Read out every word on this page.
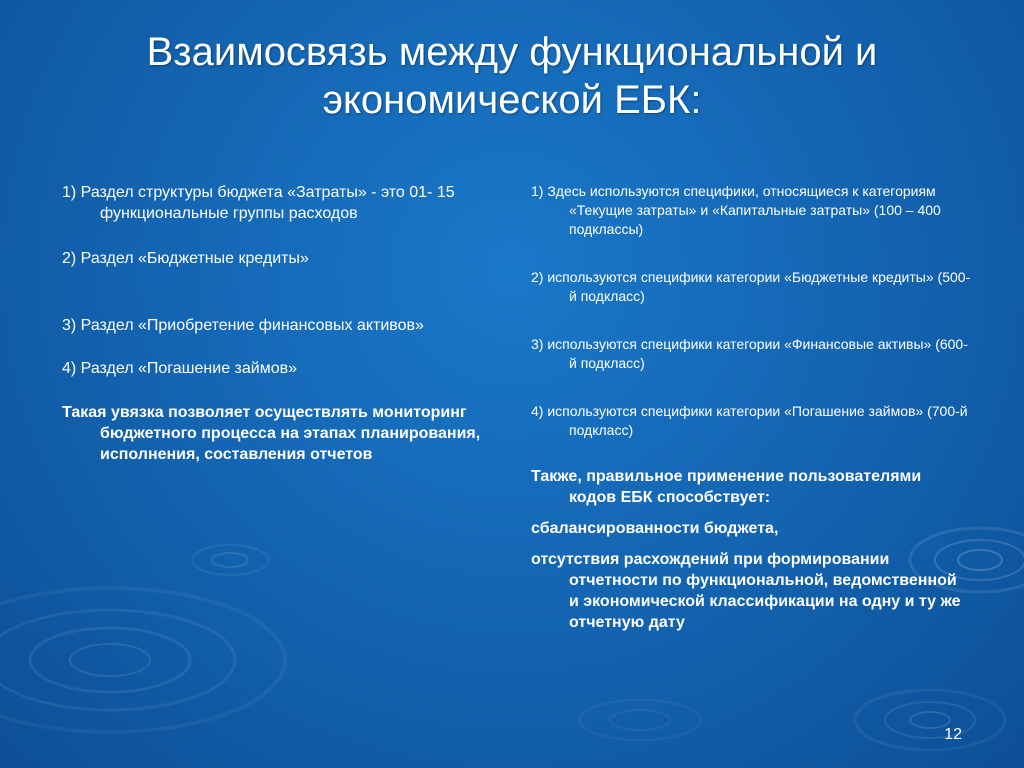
Взаимосвязь между функциональной и
экономической ЕБК:

1) Раздел структуры бюджета «Затраты» - это 01- 15 функциональные группы расходов

2) Раздел «Бюджетные кредиты»

3) Раздел «Приобретение финансовых активов»

4) Раздел «Погашение займов»

Такая увязка позволяет осуществлять мониторинг бюджетного процесса на этапах планирования, исполнения, составления отчетов

1) Здесь используются специфики, относящиеся к категориям «Текущие затраты» и «Капитальные затраты» (100 – 400 подклассы)

2) используются специфики категории «Бюджетные кредиты» (500-й подкласс)

3) используются специфики категории «Финансовые активы» (600-й подкласс)

4) используются специфики категории «Погашение займов» (700-й подкласс)

Также, правильное применение пользователями кодов ЕБК способствует:

сбалансированности бюджета,

отсутствия расхождений при формировании отчетности по функциональной, ведомственной и экономической классификации на одну и ту же отчетную дату

12
